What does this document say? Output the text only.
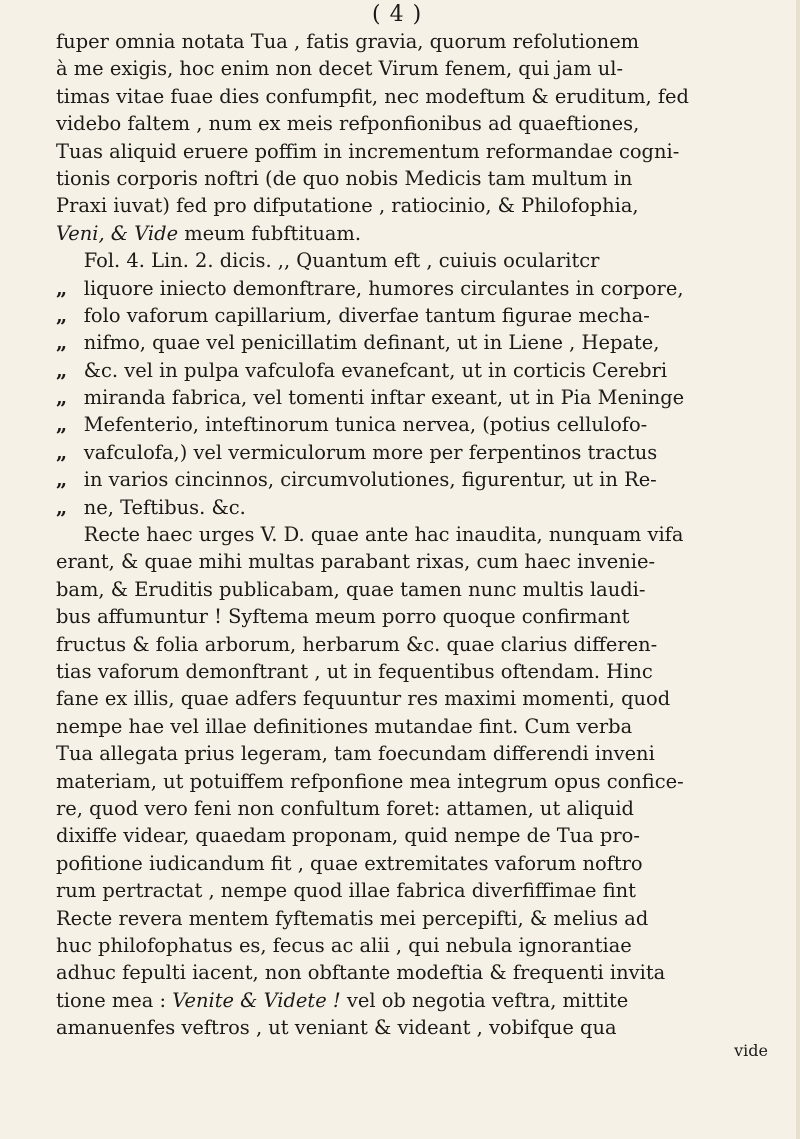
( 4 )
fuper omnia notata Tua , fatis gravia, quorum refolutionem
à me exigis, hoc enim non decet Virum fenem, qui jam ul-
timas vitae fuae dies confumpfit, nec modeftum & eruditum, fed
videbo faltem , num ex meis refponfionibus ad quaeftiones,
Tuas aliquid eruere poffim in incrementum reformandae cogni-
tionis corporis noftri (de quo nobis Medicis tam multum in
Praxi iuvat) fed pro difputatione , ratiocinio, & Philofophia,
Veni, & Vide meum fubftituam.
Fol. 4. Lin. 2. dicis. ,, Quantum eft , cuiuis ocularitcr
„ liquore iniecto demonftrare, humores circulantes in corpore,
„ folo vaforum capillarium, diverfae tantum figurae mecha-
„ nifmo, quae vel penicillatim definant, ut in Liene , Hepate,
„ &c. vel in pulpa vafculofa evanefcant, ut in corticis Cerebri
„ miranda fabrica, vel tomenti inftar exeant, ut in Pia Meninge
„ Mefenterio, inteftinorum tunica nervea, (potius cellulofo-
„ vafculofa,) vel vermiculorum more per ferpentinos tractus
„ in varios cincinnos, circumvolutiones, figurentur, ut in Re-
„ ne, Teftibus. &c.
Recte haec urges V. D. quae ante hac inaudita, nunquam vifa
erant, & quae mihi multas parabant rixas, cum haec invenie-
bam, & Eruditis publicabam, quae tamen nunc multis laudi-
bus affumuntur ! Syftema meum porro quoque confirmant
fructus & folia arborum, herbarum &c. quae clarius differen-
tias vaforum demonftrant , ut in fequentibus oftendam. Hinc
fane ex illis, quae adfers fequuntur res maximi momenti, quod
nempe hae vel illae definitiones mutandae fint. Cum verba
Tua allegata prius legeram, tam foecundam differendi inveni
materiam, ut potuiffem refponfione mea integrum opus confice-
re, quod vero feni non confultum foret: attamen, ut aliquid
dixiffe videar, quaedam proponam, quid nempe de Tua pro-
pofitione iudicandum fit , quae extremitates vaforum noftro
rum pertractat , nempe quod illae fabrica diverfiffimae fint
Recte revera mentem fyftematis mei percepifti, & melius ad
huc philofophatus es, fecus ac alii , qui nebula ignorantiae
adhuc fepulti iacent, non obftante modeftia & frequenti invita
tione mea : Venite & Videte ! vel ob negotia veftra, mittite
amanuenfes veftros , ut veniant & videant , vobifque qua
vide
